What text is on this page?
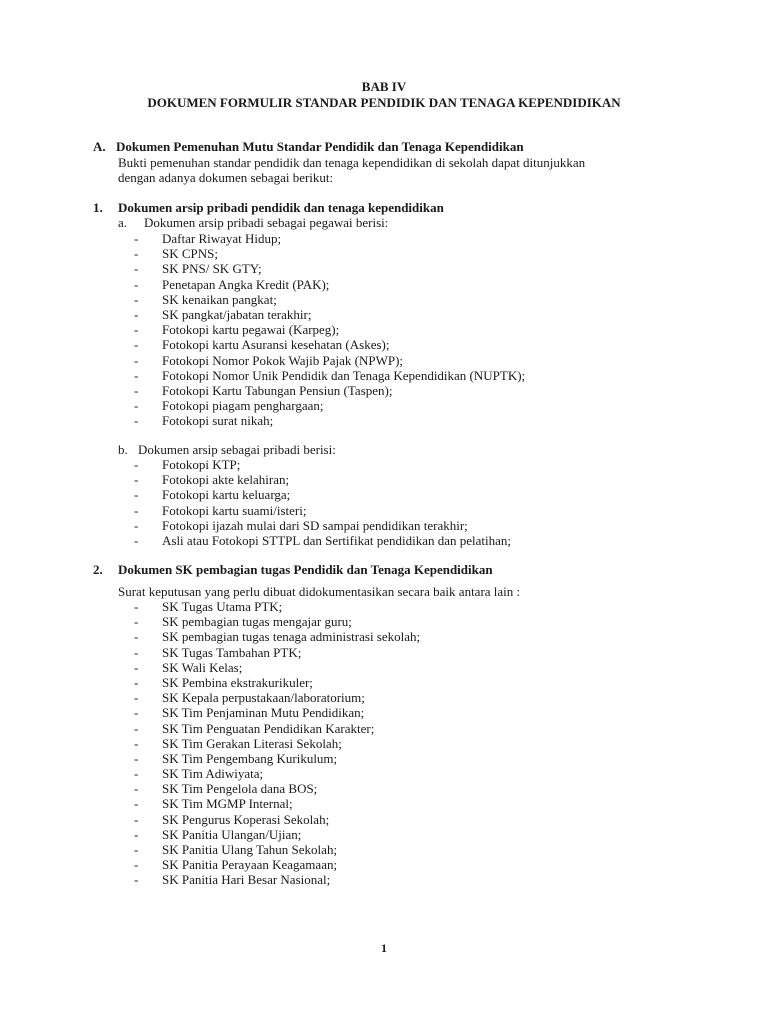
BAB IV
DOKUMEN FORMULIR STANDAR PENDIDIK DAN TENAGA KEPENDIDIKAN
A. Dokumen Pemenuhan Mutu Standar Pendidik dan Tenaga Kependidikan
Bukti pemenuhan standar pendidik dan tenaga kependidikan di sekolah dapat ditunjukkan
dengan adanya dokumen sebagai berikut:
1. Dokumen arsip pribadi pendidik dan tenaga kependidikan
a. Dokumen arsip pribadi sebagai pegawai berisi:
- Daftar Riwayat Hidup;
- SK CPNS;
- SK PNS/ SK GTY;
- Penetapan Angka Kredit (PAK);
- SK kenaikan pangkat;
- SK pangkat/jabatan terakhir;
- Fotokopi kartu pegawai (Karpeg);
- Fotokopi kartu Asuransi kesehatan (Askes);
- Fotokopi Nomor Pokok Wajib Pajak (NPWP);
- Fotokopi Nomor Unik Pendidik dan Tenaga Kependidikan (NUPTK);
- Fotokopi Kartu Tabungan Pensiun (Taspen);
- Fotokopi piagam penghargaan;
- Fotokopi surat nikah;
b. Dokumen arsip sebagai pribadi berisi:
- Fotokopi KTP;
- Fotokopi akte kelahiran;
- Fotokopi kartu keluarga;
- Fotokopi kartu suami/isteri;
- Fotokopi ijazah mulai dari SD sampai pendidikan terakhir;
- Asli atau Fotokopi STTPL dan Sertifikat pendidikan dan pelatihan;
2. Dokumen SK pembagian tugas Pendidik dan Tenaga Kependidikan
Surat keputusan yang perlu dibuat didokumentasikan secara baik antara lain :
- SK Tugas Utama PTK;
- SK pembagian tugas mengajar guru;
- SK pembagian tugas tenaga administrasi sekolah;
- SK Tugas Tambahan PTK;
- SK Wali Kelas;
- SK Pembina ekstrakurikuler;
- SK Kepala perpustakaan/laboratorium;
- SK Tim Penjaminan Mutu Pendidikan;
- SK Tim Penguatan Pendidikan Karakter;
- SK Tim Gerakan Literasi Sekolah;
- SK Tim Pengembang Kurikulum;
- SK Tim Adiwiyata;
- SK Tim Pengelola dana BOS;
- SK Tim MGMP Internal;
- SK Pengurus Koperasi Sekolah;
- SK Panitia Ulangan/Ujian;
- SK Panitia Ulang Tahun Sekolah;
- SK Panitia Perayaan Keagamaan;
- SK Panitia Hari Besar Nasional;
1
